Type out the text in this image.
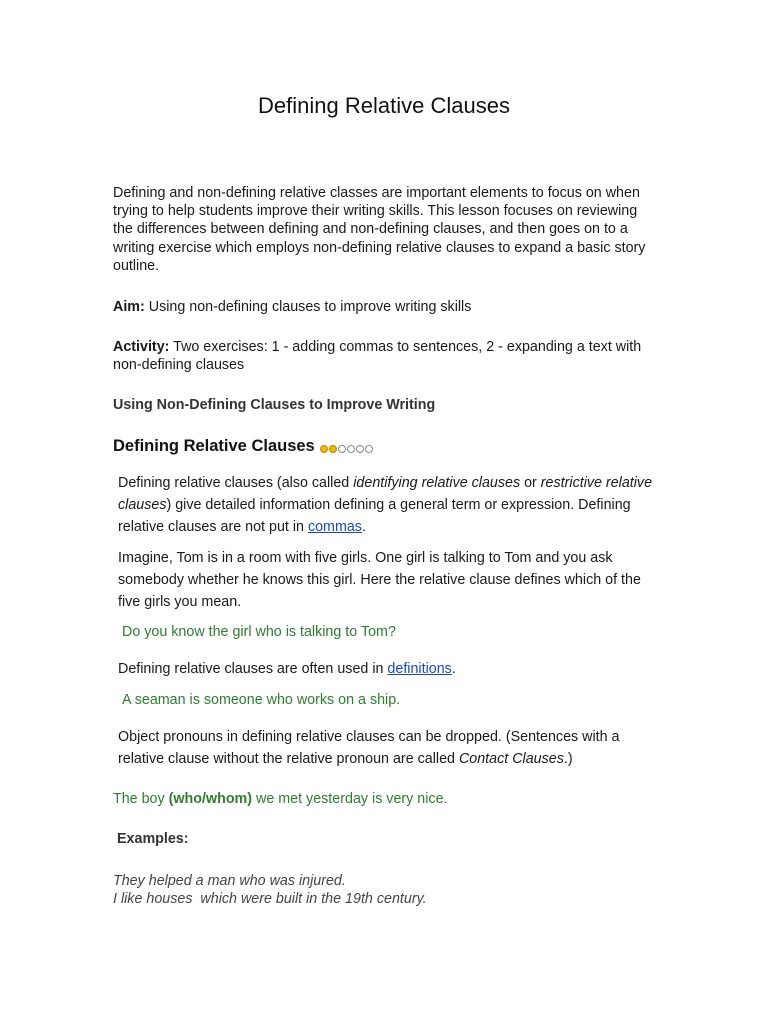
Defining Relative Clauses

Defining and non-defining relative classes are important elements to focus on when trying to help students improve their writing skills. This lesson focuses on reviewing the differences between defining and non-defining clauses, and then goes on to a writing exercise which employs non-defining relative clauses to expand a basic story outline.

Aim: Using non-defining clauses to improve writing skills

Activity: Two exercises: 1 - adding commas to sentences, 2 - expanding a text with non-defining clauses

Using Non-Defining Clauses to Improve Writing

Defining Relative Clauses

Defining relative clauses (also called identifying relative clauses or restrictive relative clauses) give detailed information defining a general term or expression. Defining relative clauses are not put in commas.

Imagine, Tom is in a room with five girls. One girl is talking to Tom and you ask somebody whether he knows this girl. Here the relative clause defines which of the five girls you mean.

Do you know the girl who is talking to Tom?

Defining relative clauses are often used in definitions.

A seaman is someone who works on a ship.

Object pronouns in defining relative clauses can be dropped. (Sentences with a relative clause without the relative pronoun are called Contact Clauses.)

The boy (who/whom) we met yesterday is very nice.

Examples:

They helped a man who was injured.
I like houses  which were built in the 19th century.
